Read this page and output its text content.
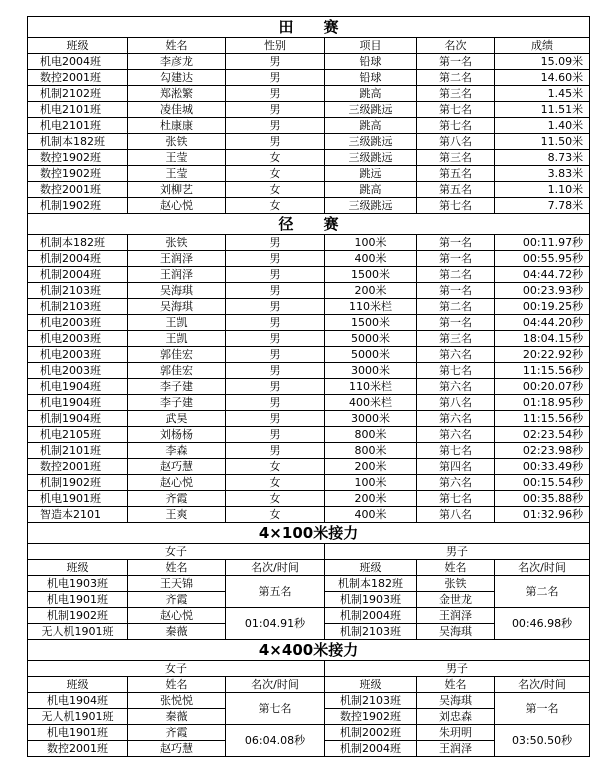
田　　赛					
班级	姓名	性别	项目	名次	成绩
机电2004班	李彦龙	男	铅球	第一名	15.09米
数控2001班	勾建达	男	铅球	第二名	14.60米
机制2102班	郑淞繁	男	跳高	第三名	1.45米
机电2101班	凌佳城	男	三级跳远	第七名	11.51米
机电2101班	杜康康	男	跳高	第七名	1.40米
机制本182班	张铁	男	三级跳远	第八名	11.50米
数控1902班	王莹	女	三级跳远	第三名	8.73米
数控1902班	王莹	女	跳远	第五名	3.83米
数控2001班	刘柳艺	女	跳高	第五名	1.10米
机制1902班	赵心悦	女	三级跳远	第七名	7.78米
径　　赛					
机制本182班	张铁	男	100米	第一名	00:11.97秒
机制2004班	王润泽	男	400米	第一名	00:55.95秒
机制2004班	王润泽	男	1500米	第二名	04:44.72秒
机制2103班	吴海琪	男	200米	第一名	00:23.93秒
机制2103班	吴海琪	男	110米栏	第二名	00:19.25秒
机电2003班	王凯	男	1500米	第一名	04:44.20秒
机电2003班	王凯	男	5000米	第三名	18:04.15秒
机电2003班	郭佳宏	男	5000米	第六名	20:22.92秒
机电2003班	郭佳宏	男	3000米	第七名	11:15.56秒
机电1904班	李子建	男	110米栏	第六名	00:20.07秒
机电1904班	李子建	男	400米栏	第八名	01:18.95秒
机制1904班	武昊	男	3000米	第六名	11:15.56秒
机电2105班	刘杨杨	男	800米	第六名	02:23.54秒
机制2101班	李森	男	800米	第七名	02:23.98秒
数控2001班	赵巧慧	女	200米	第四名	00:33.49秒
机制1902班	赵心悦	女	100米	第六名	00:15.54秒
机电1901班	齐霞	女	200米	第七名	00:35.88秒
智造本2101	王爽	女	400米	第八名	01:32.96秒
4×100米接力					
女子			男子		
班级	姓名	名次/时间	班级	姓名	名次/时间
机电1903班	王天锦	第五名	机制本182班	张铁	第二名
机电1901班	齐霞		机制1903班	金世龙	
机制1902班	赵心悦	01:04.91秒	机制2004班	王润泽	00:46.98秒
无人机1901班	秦薇		机制2103班	吴海琪	
4×400米接力					
女子			男子		
班级	姓名	名次/时间	班级	姓名	名次/时间
机电1904班	张悦悦	第七名	机制2103班	吴海琪	第一名
无人机1901班	秦薇		数控1902班	刘忠森	
机电1901班	齐霞	06:04.08秒	机制2002班	朱玥明	03:50.50秒
数控2001班	赵巧慧		机制2004班	王润泽	
